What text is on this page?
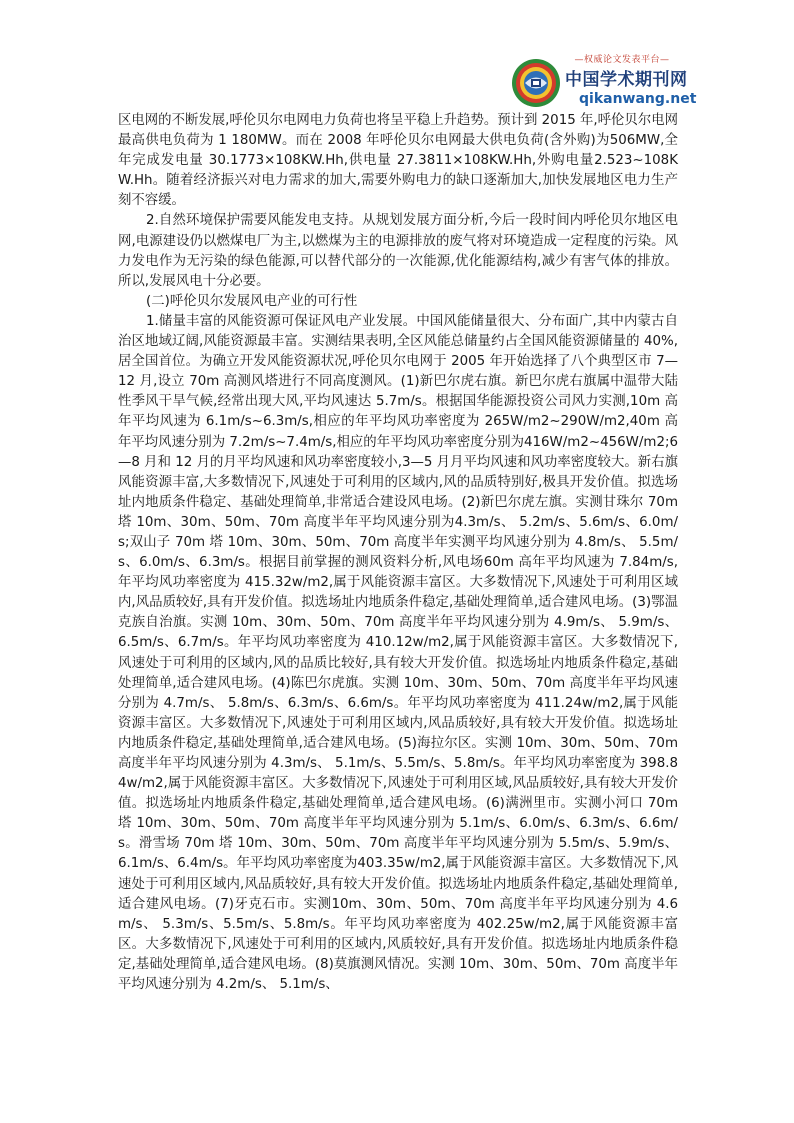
—权威论文发表平台—
中国学术期刊网
qikanwang.net

区电网的不断发展,呼伦贝尔电网电力负荷也将呈平稳上升趋势。预计到 2015 年,呼伦贝尔电网最高供电负荷为 1 180MW。而在 2008 年呼伦贝尔电网最大供电负荷(含外购)为506MW,全年完成发电量 30.1773×108KW.Hh,供电量 27.3811×108KW.Hh,外购电量2.523~108KW.Hh。随着经济振兴对电力需求的加大,需要外购电力的缺口逐渐加大,加快发展地区电力生产刻不容缓。

2.自然环境保护需要风能发电支持。从规划发展方面分析,今后一段时间内呼伦贝尔地区电网,电源建设仍以燃煤电厂为主,以燃煤为主的电源排放的废气将对环境造成一定程度的污染。风力发电作为无污染的绿色能源,可以替代部分的一次能源,优化能源结构,减少有害气体的排放。所以,发展风电十分必要。

(二)呼伦贝尔发展风电产业的可行性

1.储量丰富的风能资源可保证风电产业发展。中国风能储量很大、分布面广,其中内蒙古自治区地域辽阔,风能资源最丰富。实测结果表明,全区风能总储量约占全国风能资源储量的 40%,居全国首位。为确立开发风能资源状况,呼伦贝尔电网于 2005 年开始选择了八个典型区市 7—12 月,设立 70m 高测风塔进行不同高度测风。(1)新巴尔虎右旗。新巴尔虎右旗属中温带大陆性季风干旱气候,经常出现大风,平均风速达 5.7m/s。根据国华能源投资公司风力实测,10m 高年平均风速为 6.1m/s~6.3m/s,相应的年平均风功率密度为 265W/m2~290W/m2,40m 高年平均风速分别为 7.2m/s~7.4m/s,相应的年平均风功率密度分别为416W/m2~456W/m2;6—8 月和 12 月的月平均风速和风功率密度较小,3—5 月月平均风速和风功率密度较大。新右旗风能资源丰富,大多数情况下,风速处于可利用的区域内,风的品质特别好,极具开发价值。拟选场址内地质条件稳定、基础处理简单,非常适合建设风电场。(2)新巴尔虎左旗。实测甘珠尔 70m 塔 10m、30m、50m、70m 高度半年平均风速分别为4.3m/s、 5.2m/s、5.6m/s、6.0m/s;双山子 70m 塔 10m、30m、50m、70m 高度半年实测平均风速分别为 4.8m/s、 5.5m/s、6.0m/s、6.3m/s。根据目前掌握的测风资料分析,风电场60m 高年平均风速为 7.84m/s,年平均风功率密度为 415.32w/m2,属于风能资源丰富区。大多数情况下,风速处于可利用区域内,风品质较好,具有开发价值。拟选场址内地质条件稳定,基础处理简单,适合建风电场。(3)鄂温克族自治旗。实测 10m、30m、50m、70m 高度半年平均风速分别为 4.9m/s、 5.9m/s、6.5m/s、6.7m/s。年平均风功率密度为 410.12w/m2,属于风能资源丰富区。大多数情况下,风速处于可利用的区域内,风的品质比较好,具有较大开发价值。拟选场址内地质条件稳定,基础处理简单,适合建风电场。(4)陈巴尔虎旗。实测 10m、30m、50m、70m 高度半年平均风速分别为 4.7m/s、 5.8m/s、6.3m/s、6.6m/s。年平均风功率密度为 411.24w/m2,属于风能资源丰富区。大多数情况下,风速处于可利用区域内,风品质较好,具有较大开发价值。拟选场址内地质条件稳定,基础处理简单,适合建风电场。(5)海拉尔区。实测 10m、30m、50m、70m 高度半年平均风速分别为 4.3m/s、 5.1m/s、5.5m/s、5.8m/s。年平均风功率密度为 398.84w/m2,属于风能资源丰富区。大多数情况下,风速处于可利用区域,风品质较好,具有较大开发价值。拟选场址内地质条件稳定,基础处理简单,适合建风电场。(6)满洲里市。实测小河口 70m 塔 10m、30m、50m、70m 高度半年平均风速分别为 5.1m/s、6.0m/s、6.3m/s、6.6m/s。滑雪场 70m 塔 10m、30m、50m、70m 高度半年平均风速分别为 5.5m/s、5.9m/s、6.1m/s、6.4m/s。年平均风功率密度为403.35w/m2,属于风能资源丰富区。大多数情况下,风速处于可利用区域内,风品质较好,具有较大开发价值。拟选场址内地质条件稳定,基础处理简单,适合建风电场。(7)牙克石市。实测10m、30m、50m、70m 高度半年平均风速分别为 4.6m/s、 5.3m/s、5.5m/s、5.8m/s。年平均风功率密度为 402.25w/m2,属于风能资源丰富区。大多数情况下,风速处于可利用的区域内,风质较好,具有开发价值。拟选场址内地质条件稳定,基础处理简单,适合建风电场。(8)莫旗测风情况。实测 10m、30m、50m、70m 高度半年平均风速分别为 4.2m/s、 5.1m/s、
